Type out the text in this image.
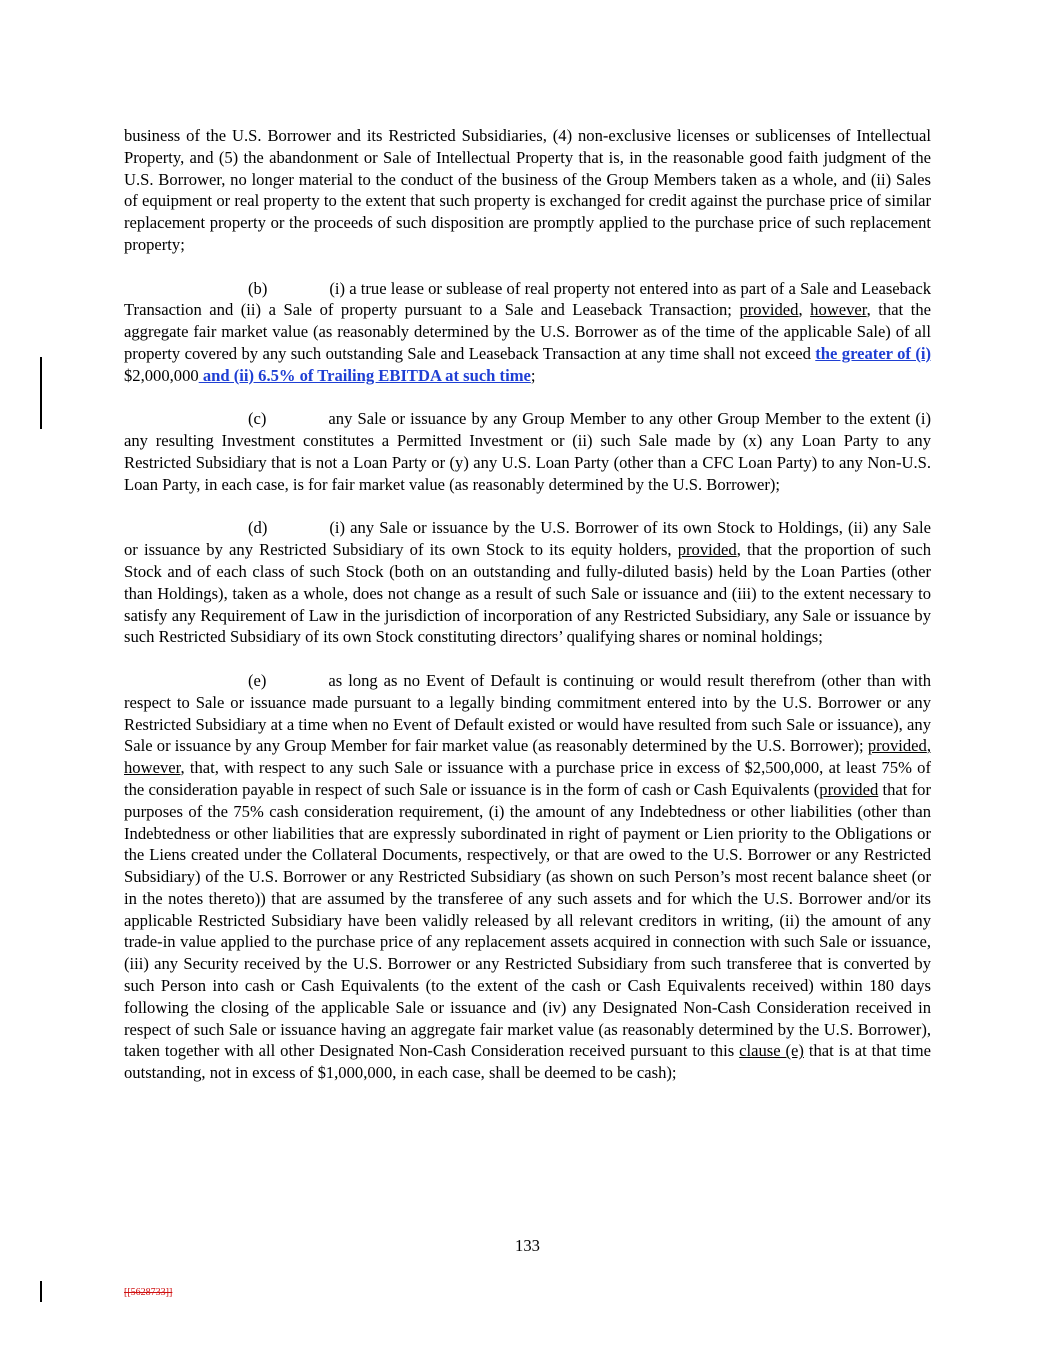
business of the U.S. Borrower and its Restricted Subsidiaries, (4) non-exclusive licenses or sublicenses of Intellectual Property, and (5) the abandonment or Sale of Intellectual Property that is, in the reasonable good faith judgment of the U.S. Borrower, no longer material to the conduct of the business of the Group Members taken as a whole, and (ii) Sales of equipment or real property to the extent that such property is exchanged for credit against the purchase price of similar replacement property or the proceeds of such disposition are promptly applied to the purchase price of such replacement property;

(b)	(i) a true lease or sublease of real property not entered into as part of a Sale and Leaseback Transaction and (ii) a Sale of property pursuant to a Sale and Leaseback Transaction; provided, however, that the aggregate fair market value (as reasonably determined by the U.S. Borrower as of the time of the applicable Sale) of all property covered by any such outstanding Sale and Leaseback Transaction at any time shall not exceed the greater of (i) $2,000,000 and (ii) 6.5% of Trailing EBITDA at such time;

(c)	any Sale or issuance by any Group Member to any other Group Member to the extent (i) any resulting Investment constitutes a Permitted Investment or (ii) such Sale made by (x) any Loan Party to any Restricted Subsidiary that is not a Loan Party or (y) any U.S. Loan Party (other than a CFC Loan Party) to any Non-U.S. Loan Party, in each case, is for fair market value (as reasonably determined by the U.S. Borrower);

(d)	(i) any Sale or issuance by the U.S. Borrower of its own Stock to Holdings, (ii) any Sale or issuance by any Restricted Subsidiary of its own Stock to its equity holders, provided, that the proportion of such Stock and of each class of such Stock (both on an outstanding and fully-diluted basis) held by the Loan Parties (other than Holdings), taken as a whole, does not change as a result of such Sale or issuance and (iii) to the extent necessary to satisfy any Requirement of Law in the jurisdiction of incorporation of any Restricted Subsidiary, any Sale or issuance by such Restricted Subsidiary of its own Stock constituting directors’ qualifying shares or nominal holdings;

(e)	as long as no Event of Default is continuing or would result therefrom (other than with respect to Sale or issuance made pursuant to a legally binding commitment entered into by the U.S. Borrower or any Restricted Subsidiary at a time when no Event of Default existed or would have resulted from such Sale or issuance), any Sale or issuance by any Group Member for fair market value (as reasonably determined by the U.S. Borrower); provided, however, that, with respect to any such Sale or issuance with a purchase price in excess of $2,500,000, at least 75% of the consideration payable in respect of such Sale or issuance is in the form of cash or Cash Equivalents (provided that for purposes of the 75% cash consideration requirement, (i) the amount of any Indebtedness or other liabilities (other than Indebtedness or other liabilities that are expressly subordinated in right of payment or Lien priority to the Obligations or the Liens created under the Collateral Documents, respectively, or that are owed to the U.S. Borrower or any Restricted Subsidiary) of the U.S. Borrower or any Restricted Subsidiary (as shown on such Person’s most recent balance sheet (or in the notes thereto)) that are assumed by the transferee of any such assets and for which the U.S. Borrower and/or its applicable Restricted Subsidiary have been validly released by all relevant creditors in writing, (ii) the amount of any trade-in value applied to the purchase price of any replacement assets acquired in connection with such Sale or issuance, (iii) any Security received by the U.S. Borrower or any Restricted Subsidiary from such transferee that is converted by such Person into cash or Cash Equivalents (to the extent of the cash or Cash Equivalents received) within 180 days following the closing of the applicable Sale or issuance and (iv) any Designated Non-Cash Consideration received in respect of such Sale or issuance having an aggregate fair market value (as reasonably determined by the U.S. Borrower), taken together with all other Designated Non-Cash Consideration received pursuant to this clause (e) that is at that time outstanding, not in excess of $1,000,000, in each case, shall be deemed to be cash);

133
[[5628733]]
